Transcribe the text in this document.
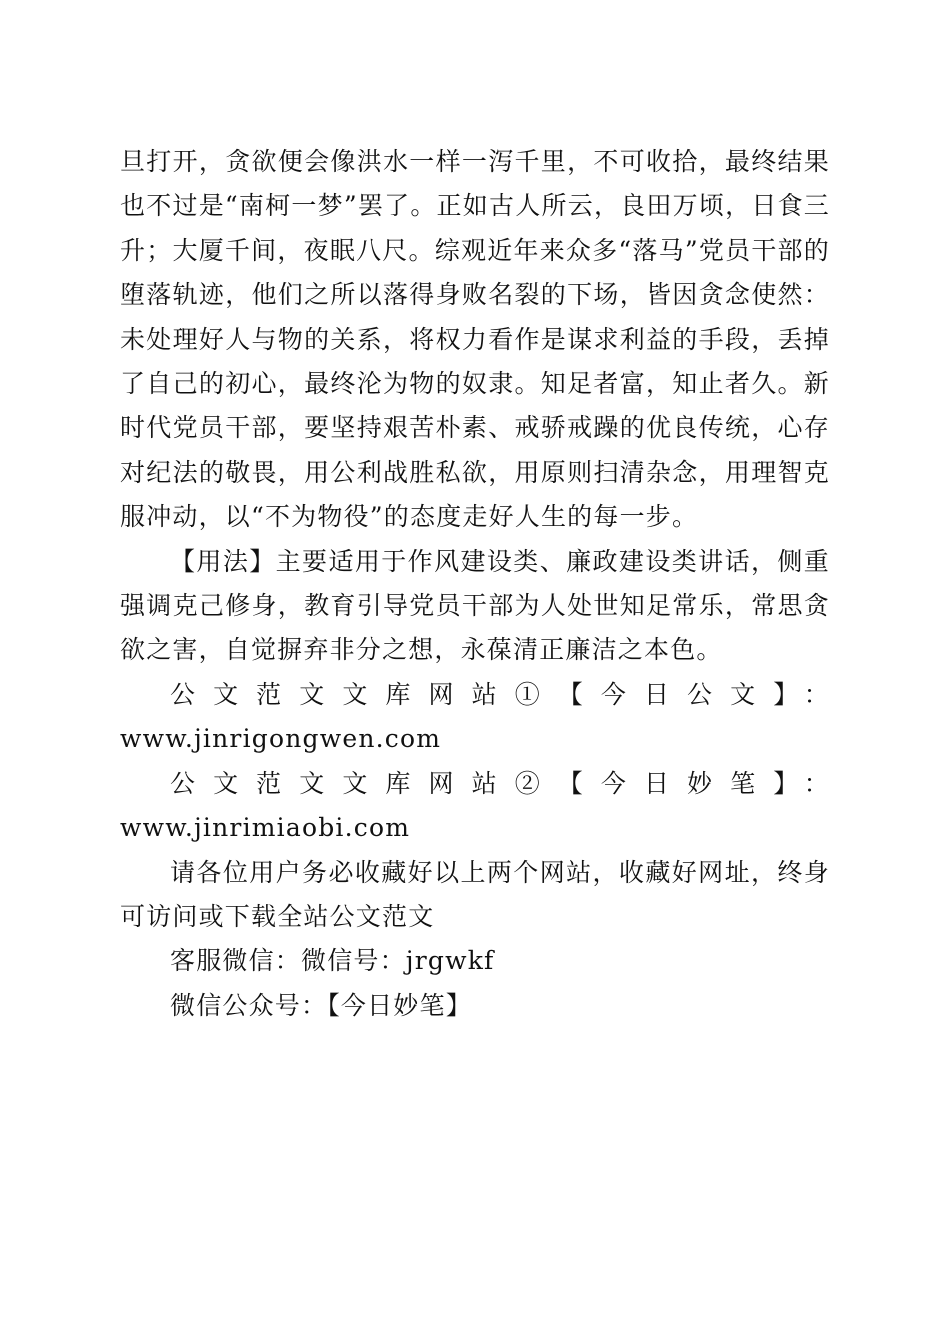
旦打开，贪欲便会像洪水一样一泻千里，不可收拾，最终结果也不过是“南柯一梦”罢了。正如古人所云，良田万顷，日食三升；大厦千间，夜眠八尺。综观近年来众多“落马”党员干部的堕落轨迹，他们之所以落得身败名裂的下场，皆因贪念使然：未处理好人与物的关系，将权力看作是谋求利益的手段，丢掉了自己的初心，最终沦为物的奴隶。知足者富，知止者久。新时代党员干部，要坚持艰苦朴素、戒骄戒躁的优良传统，心存对纪法的敬畏，用公利战胜私欲，用原则扫清杂念，用理智克服冲动，以“不为物役”的态度走好人生的每一步。

【用法】主要适用于作风建设类、廉政建设类讲话，侧重强调克己修身，教育引导党员干部为人处世知足常乐，常思贪欲之害，自觉摒弃非分之想，永葆清正廉洁之本色。

公文范文文库网站①【今日公文】：

www.jinrigongwen.com

公文范文文库网站②【今日妙笔】：www.jinrimiaobi.com

请各位用户务必收藏好以上两个网站，收藏好网址，终身可访问或下载全站公文范文

客服微信：微信号：jrgwkf

微信公众号：【今日妙笔】
